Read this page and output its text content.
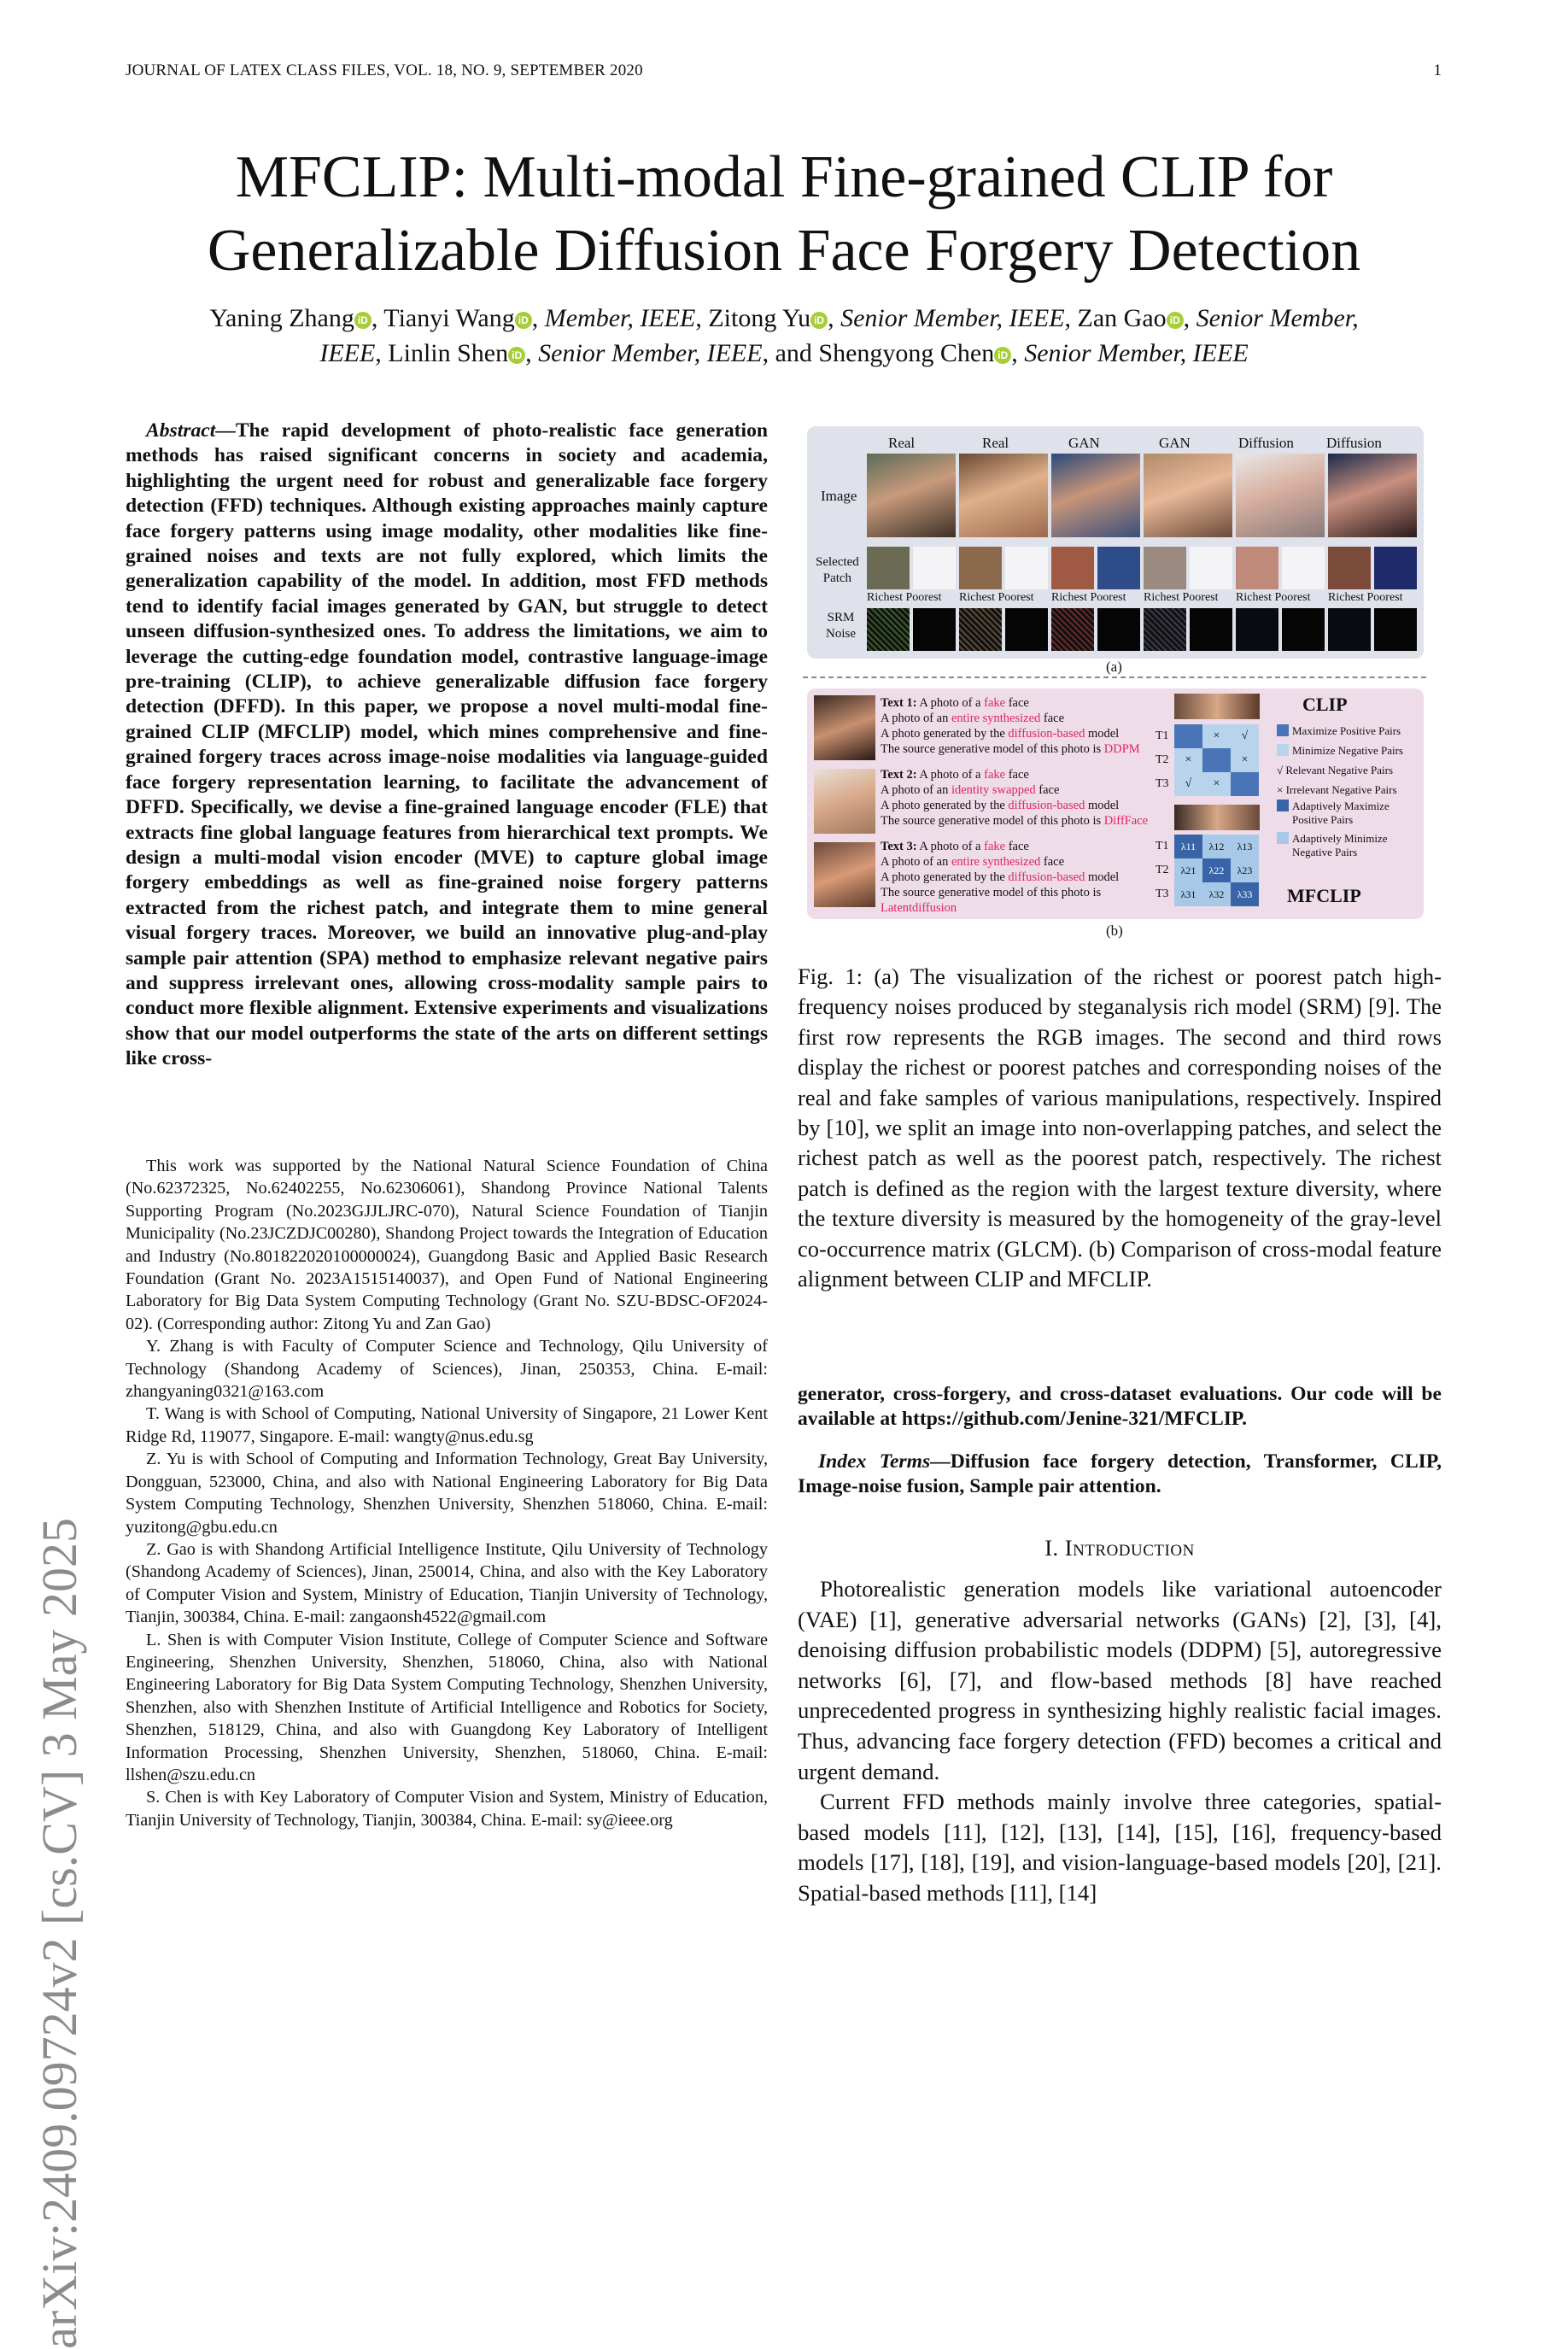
JOURNAL OF LATEX CLASS FILES, VOL. 18, NO. 9, SEPTEMBER 2020	1
arXiv:2409.09724v2 [cs.CV] 3 May 2025
MFCLIP: Multi-modal Fine-grained CLIP for
Generalizable Diffusion Face Forgery Detection
Yaning Zhang iD , Tianyi Wang iD , Member, IEEE, Zitong Yu iD , Senior Member, IEEE, Zan Gao iD , Senior Member,
IEEE, Linlin Shen iD , Senior Member, IEEE, and Shengyong Chen iD , Senior Member, IEEE
Abstract—The rapid development of photo-realistic face generation methods has raised significant concerns in society and academia, highlighting the urgent need for robust and generalizable face forgery detection (FFD) techniques. Although existing approaches mainly capture face forgery patterns using image modality, other modalities like fine-grained noises and texts are not fully explored, which limits the generalization capability of the model. In addition, most FFD methods tend to identify facial images generated by GAN, but struggle to detect unseen diffusion-synthesized ones. To address the limitations, we aim to leverage the cutting-edge foundation model, contrastive language-image pre-training (CLIP), to achieve generalizable diffusion face forgery detection (DFFD). In this paper, we propose a novel multi-modal fine-grained CLIP (MFCLIP) model, which mines comprehensive and fine-grained forgery traces across image-noise modalities via language-guided face forgery representation learning, to facilitate the advancement of DFFD. Specifically, we devise a fine-grained language encoder (FLE) that extracts fine global language features from hierarchical text prompts. We design a multi-modal vision encoder (MVE) to capture global image forgery embeddings as well as fine-grained noise forgery patterns extracted from the richest patch, and integrate them to mine general visual forgery traces. Moreover, we build an innovative plug-and-play sample pair attention (SPA) method to emphasize relevant negative pairs and suppress irrelevant ones, allowing cross-modality sample pairs to conduct more flexible alignment. Extensive experiments and visualizations show that our model outperforms the state of the arts on different settings like cross-

This work was supported by the National Natural Science Foundation of China (No.62372325, No.62402255, No.62306061), Shandong Province National Talents Supporting Program (No.2023GJJLJRC-070), Natural Science Foundation of Tianjin Municipality (No.23JCZDJC00280), Shandong Project towards the Integration of Education and Industry (No.801822020100000024), Guangdong Basic and Applied Basic Research Foundation (Grant No. 2023A1515140037), and Open Fund of National Engineering Laboratory for Big Data System Computing Technology (Grant No. SZU-BDSC-OF2024-02). (Corresponding author: Zitong Yu and Zan Gao)

Y. Zhang is with Faculty of Computer Science and Technology, Qilu University of Technology (Shandong Academy of Sciences), Jinan, 250353, China. E-mail: zhangyaning0321@163.com

T. Wang is with School of Computing, National University of Singapore, 21 Lower Kent Ridge Rd, 119077, Singapore. E-mail: wangty@nus.edu.sg

Z. Yu is with School of Computing and Information Technology, Great Bay University, Dongguan, 523000, China, and also with National Engineering Laboratory for Big Data System Computing Technology, Shenzhen University, Shenzhen 518060, China. E-mail: yuzitong@gbu.edu.cn

Z. Gao is with Shandong Artificial Intelligence Institute, Qilu University of Technology (Shandong Academy of Sciences), Jinan, 250014, China, and also with the Key Laboratory of Computer Vision and System, Ministry of Education, Tianjin University of Technology, Tianjin, 300384, China. E-mail: zangaonsh4522@gmail.com

L. Shen is with Computer Vision Institute, College of Computer Science and Software Engineering, Shenzhen University, Shenzhen, 518060, China, also with National Engineering Laboratory for Big Data System Computing Technology, Shenzhen University, Shenzhen, also with Shenzhen Institute of Artificial Intelligence and Robotics for Society, Shenzhen, 518129, China, and also with Guangdong Key Laboratory of Intelligent Information Processing, Shenzhen University, Shenzhen, 518060, China. E-mail: llshen@szu.edu.cn

S. Chen is with Key Laboratory of Computer Vision and System, Ministry of Education, Tianjin University of Technology, Tianjin, 300384, China. E-mail: sy@ieee.org

Real	Real	GAN	GAN	Diffusion Diffusion
Image
Selected
Patch
SRM
Noise
Richest Poorest Richest Poorest Richest Poorest Richest Poorest Richest Poorest Richest Poorest
(a)
Text 1: A photo of a fake face
A photo of an entire synthesized face
A photo generated by the diffusion-based model
The source generative model of this photo is DDPM
Text 2: A photo of a fake face
A photo of an identity swapped face
A photo generated by the diffusion-based model
The source generative model of this photo is DiffFace
Text 3: A photo of a fake face
A photo of an entire synthesized face
A photo generated by the diffusion-based model
The source generative model of this photo is
Latentdiffusion
T1
T2
T3
×	√
×	×
√	×
T1
T2
T3
λ11	λ12	λ13
λ21	λ22	λ23
λ31	λ32	λ33
CLIP
Maximize Positive Pairs
Minimize Negative Pairs
√ Relevant Negative Pairs
× Irrelevant Negative Pairs
Adaptively Maximize
Positive Pairs
Adaptively Minimize
Negative Pairs
MFCLIP
(b)
Fig. 1: (a) The visualization of the richest or poorest patch high-frequency noises produced by steganalysis rich model (SRM) [9]. The first row represents the RGB images. The second and third rows display the richest or poorest patches and corresponding noises of the real and fake samples of various manipulations, respectively. Inspired by [10], we split an image into non-overlapping patches, and select the richest patch as well as the poorest patch, respectively. The richest patch is defined as the region with the largest texture diversity, where the texture diversity is measured by the homogeneity of the gray-level co-occurrence matrix (GLCM). (b) Comparison of cross-modal feature alignment between CLIP and MFCLIP.
generator, cross-forgery, and cross-dataset evaluations. Our code will be available at https://github.com/Jenine-321/MFCLIP.
Index Terms—Diffusion face forgery detection, Transformer, CLIP, Image-noise fusion, Sample pair attention.
I. Introduction

Photorealistic generation models like variational autoencoder (VAE) [1], generative adversarial networks (GANs) [2], [3], [4], denoising diffusion probabilistic models (DDPM) [5], autoregressive networks [6], [7], and flow-based methods [8] have reached unprecedented progress in synthesizing highly realistic facial images. Thus, advancing face forgery detection (FFD) becomes a critical and urgent demand.

Current FFD methods mainly involve three categories, spatial-based models [11], [12], [13], [14], [15], [16], frequency-based models [17], [18], [19], and vision-language-based models [20], [21]. Spatial-based methods [11], [14]
